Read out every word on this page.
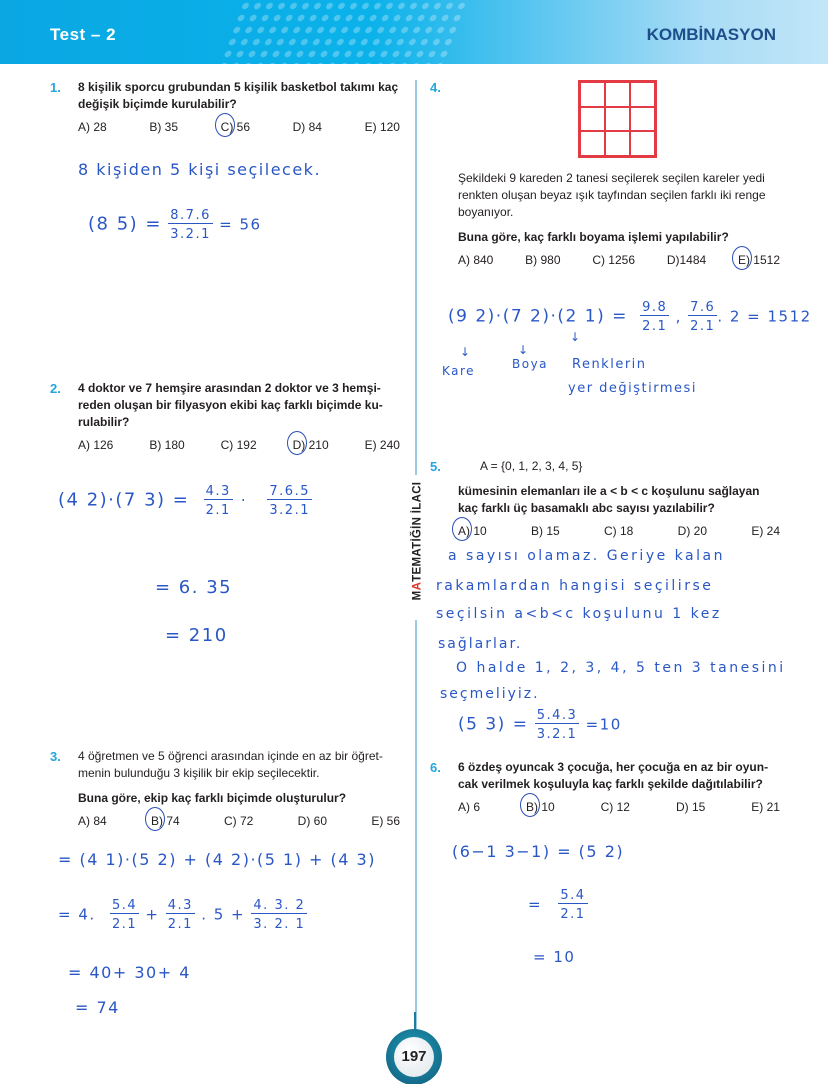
Test – 2	KOMBİNASYON
MATEMATİĞİN İLACI
1. 8 kişilik sporcu grubundan 5 kişilik basketbol takımı kaç değişik biçimde kurulabilir?
A) 28	B) 35	C) 56	D) 84	E) 120
8 kişiden 5 kişi seçilecek.
(8 $5) = \frac{8.7.6}{3.2.1} = 56$
2. 4 doktor ve 7 hemşire arasından 2 doktor ve 3 hemşi-reden oluşan bir filyasyon ekibi kaç farklı biçimde ku-rulabilir?
A) 126	B) 180	C) 192	D) 210	E) 240
(4 2)·(7 $3) = \frac{4.3}{2.1} \cdot \frac{7.6.5}{3.2.1}$
= 6. 35
= 210
3. 4 öğretmen ve 5 öğrenci arasından içinde en az bir öğret-menin bulunduğu 3 kişilik bir ekip seçilecektir.
Buna göre, ekip kaç farklı biçimde oluşturulur?
A) 84	B) 74	C) 72	D) 60	E) 56
= (4 1)·(5 2) + (4 2)·(5 1) + (4 3)
= 4. $\frac{5.4}{2.1} + \frac{4.3}{2.1}$ . $5 + \frac{4. 3. 2}{3. 2. 1}$
= 40+ 30+ 4
= 74
4.
Şekildeki 9 kareden 2 tanesi seçilerek seçilen kareler yedi renkten oluşan beyaz ışık tayfından seçilen farklı iki renge boyanıyor.
Buna göre, kaç farklı boyama işlemi yapılabilir?
A) 840	B) 980	C) 1256	D)1484	E) 1512
(9 2)·(7 2)·(2 $1) = \frac{9.8}{2.1}$ , $\frac{7.6}{2.1}$ . 2 = 1512
↓	↓
↓
Kare	Boya Renklerin
yer değiştirmesi
5.	A = {0, 1, 2, 3, 4, 5}
kümesinin elemanları ile a < b < c koşulunu sağlayan kaç farklı üç basamaklı abc sayısı yazılabilir?
A) 10	B) 15	C) 18	D) 20	E) 24
a sayısı olamaz. Geriye kalan
rakamlardan hangisi seçilirse
seçilsin a<b<c koşulunu 1 kez
sağlarlar.
O halde 1, 2, 3, 4, 5 ten 3 tanesini
seçmeliyiz.
(5 $3) = \frac{5.4.3}{3.2.1} =10$
6. 6 özdeş oyuncak 3 çocuğa, her çocuğa en az bir oyun-cak verilmek koşuluyla kaç farklı şekilde dağıtılabilir?
A) 6	B) 10	C) 12	D) 15	E) 21
(6−1 3−1) = (5 2)
= $\frac{5.4}{2.1}$
= 10
197
